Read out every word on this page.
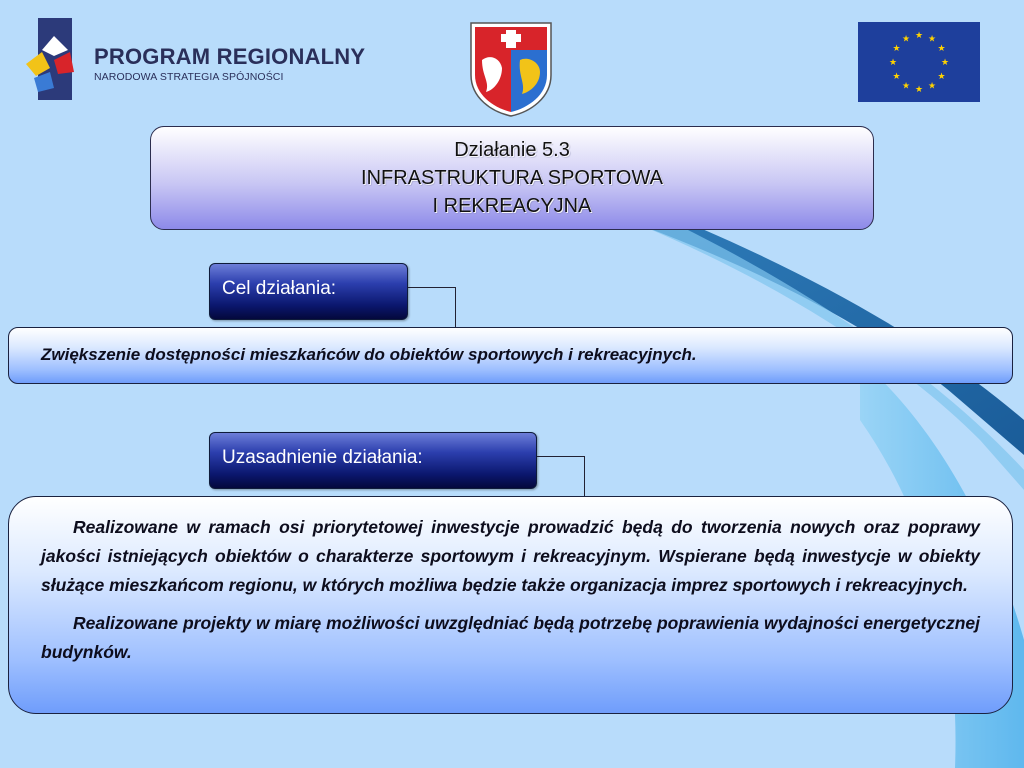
PROGRAM REGIONALNY
NARODOWA STRATEGIA SPÓJNOŚCI
★ ★
★
★
★
★
★
★
★
★
★
★
Działanie 5.3
INFRASTRUKTURA SPORTOWA
I REKREACYJNA
Cel działania:
Zwiększenie dostępności mieszkańców do obiektów sportowych i rekreacyjnych.
Uzasadnienie działania:

Realizowane w ramach osi priorytetowej inwestycje prowadzić będą do tworzenia nowych oraz poprawy jakości istniejących obiektów o charakterze sportowym i rekreacyjnym. Wspierane będą inwestycje w obiekty służące mieszkańcom regionu, w których możliwa będzie także organizacja imprez sportowych i rekreacyjnych.

Realizowane projekty w miarę możliwości uwzględniać będą potrzebę poprawienia wydajności energetycznej budynków.
